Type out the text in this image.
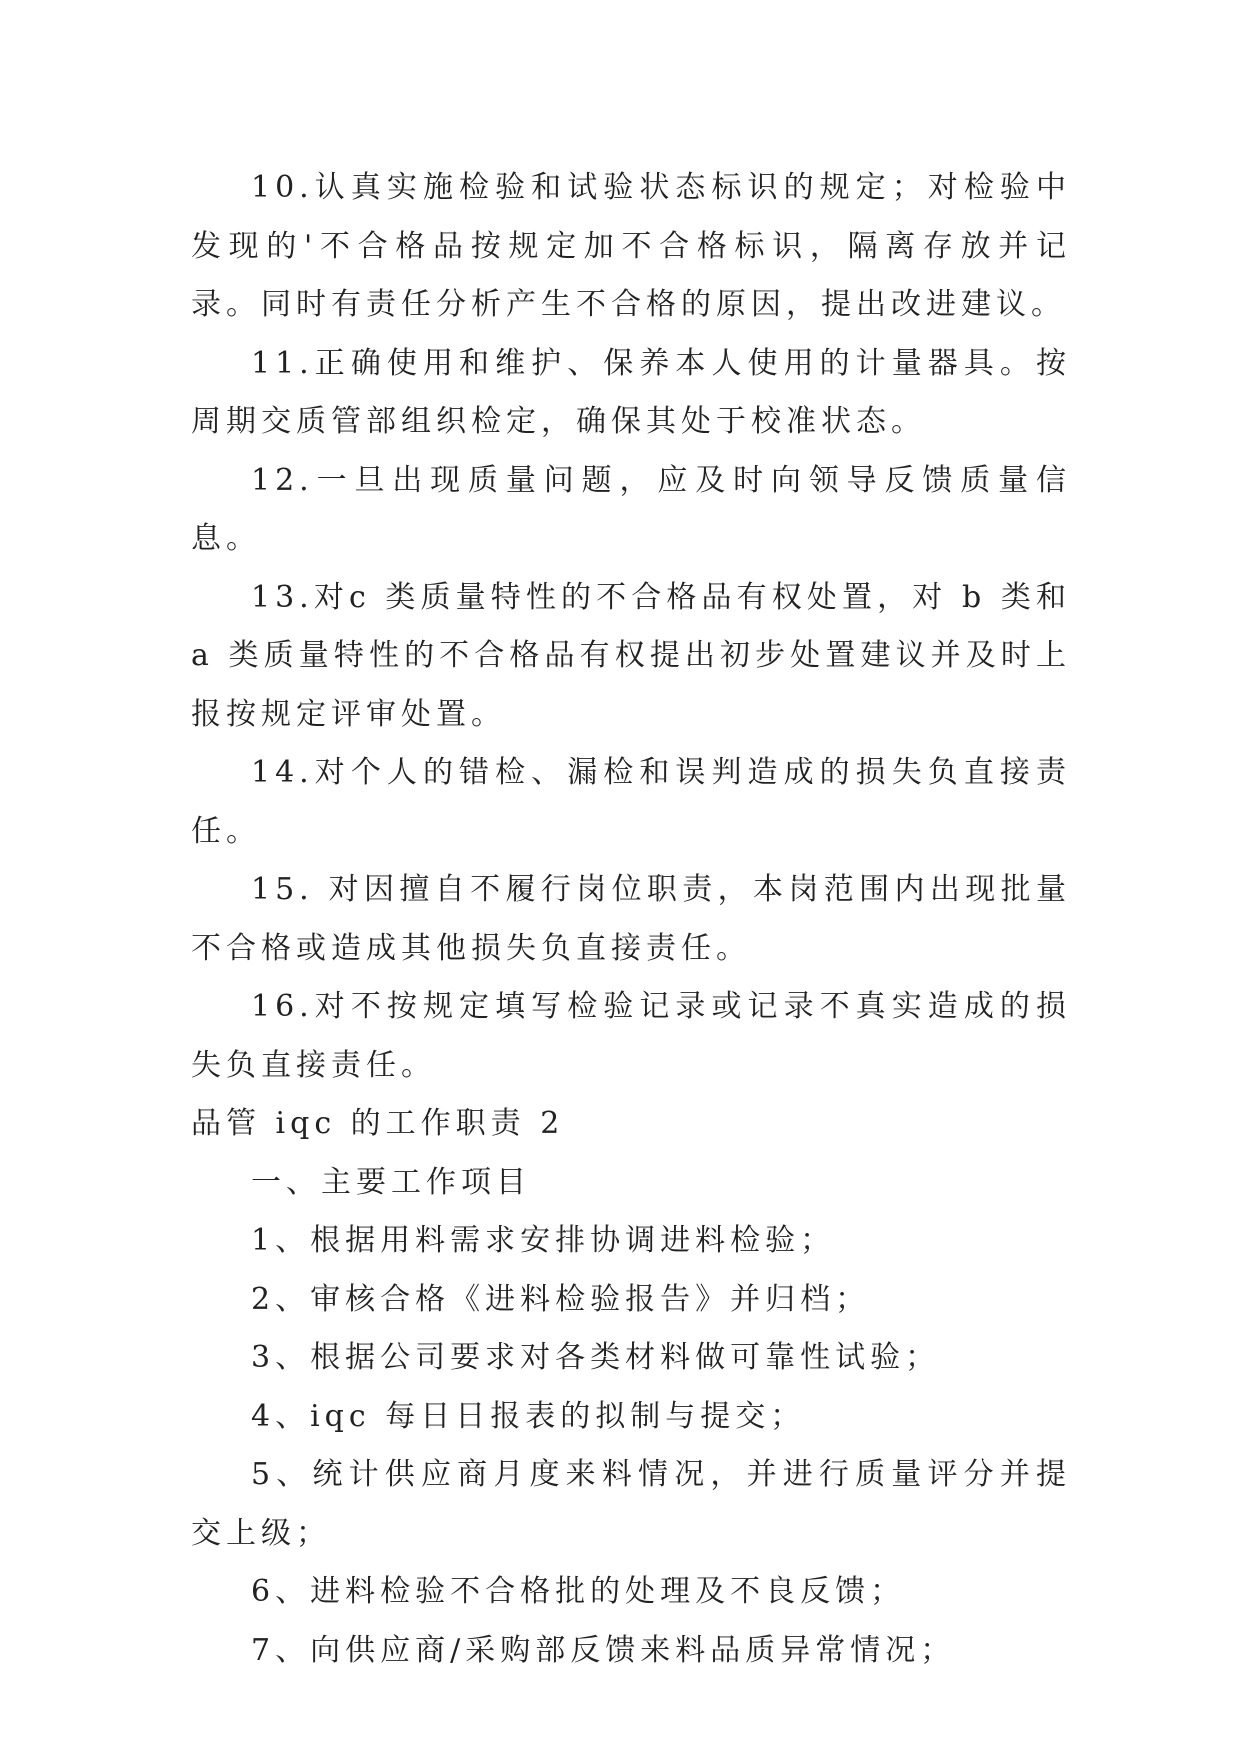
10.认真实施检验和试验状态标识的规定；对检验中发现的'不合格品按规定加不合格标识，隔离存放并记录。同时有责任分析产生不合格的原因，提出改进建议。

11.正确使用和维护、保养本人使用的计量器具。按周期交质管部组织检定，确保其处于校准状态。

12.一旦出现质量问题，应及时向领导反馈质量信息。

13.对c 类质量特性的不合格品有权处置，对 b 类和 a 类质量特性的不合格品有权提出初步处置建议并及时上报按规定评审处置。

14.对个人的错检、漏检和误判造成的损失负直接责任。

15. 对因擅自不履行岗位职责，本岗范围内出现批量不合格或造成其他损失负直接责任。

16.对不按规定填写检验记录或记录不真实造成的损失负直接责任。

品管 iqc 的工作职责 2

一、主要工作项目

1、根据用料需求安排协调进料检验；

2、审核合格《进料检验报告》并归档；

3、根据公司要求对各类材料做可靠性试验；

4、iqc 每日日报表的拟制与提交；

5、统计供应商月度来料情况，并进行质量评分并提交上级；

6、进料检验不合格批的处理及不良反馈；

7、向供应商/采购部反馈来料品质异常情况；
